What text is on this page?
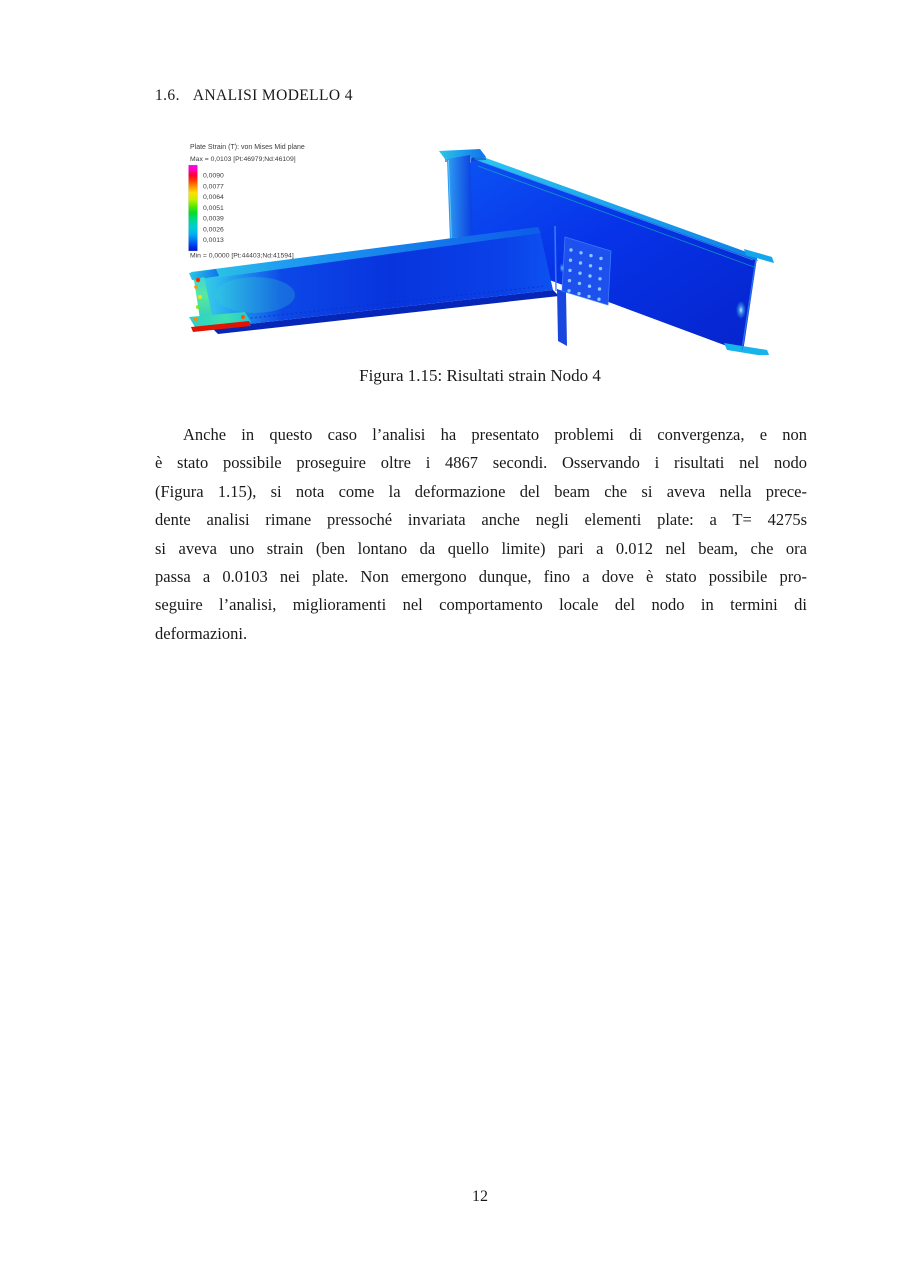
1.6. ANALISI MODELLO 4
Plate Strain (T): von Mises Mid plane
Max = 0,0103 [Pt:46979;Nd:46109]
0,0090
0,0077
0,0064
0,0051
0,0039
0,0026
0,0013
Min = 0,0000 [Pt:44403;Nd:41594]
Figura 1.15: Risultati strain Nodo 4
Anche in questo caso l’analisi ha presentato problemi di convergenza, e non
è stato possibile proseguire oltre i 4867 secondi. Osservando i risultati nel nodo
(Figura 1.15), si nota come la deformazione del beam che si aveva nella prece-
dente analisi rimane pressoché invariata anche negli elementi plate: a T= 4275s
si aveva uno strain (ben lontano da quello limite) pari a 0.012 nel beam, che ora
passa a 0.0103 nei plate. Non emergono dunque, fino a dove è stato possibile pro-
seguire l’analisi, miglioramenti nel comportamento locale del nodo in termini di
deformazioni.
12
